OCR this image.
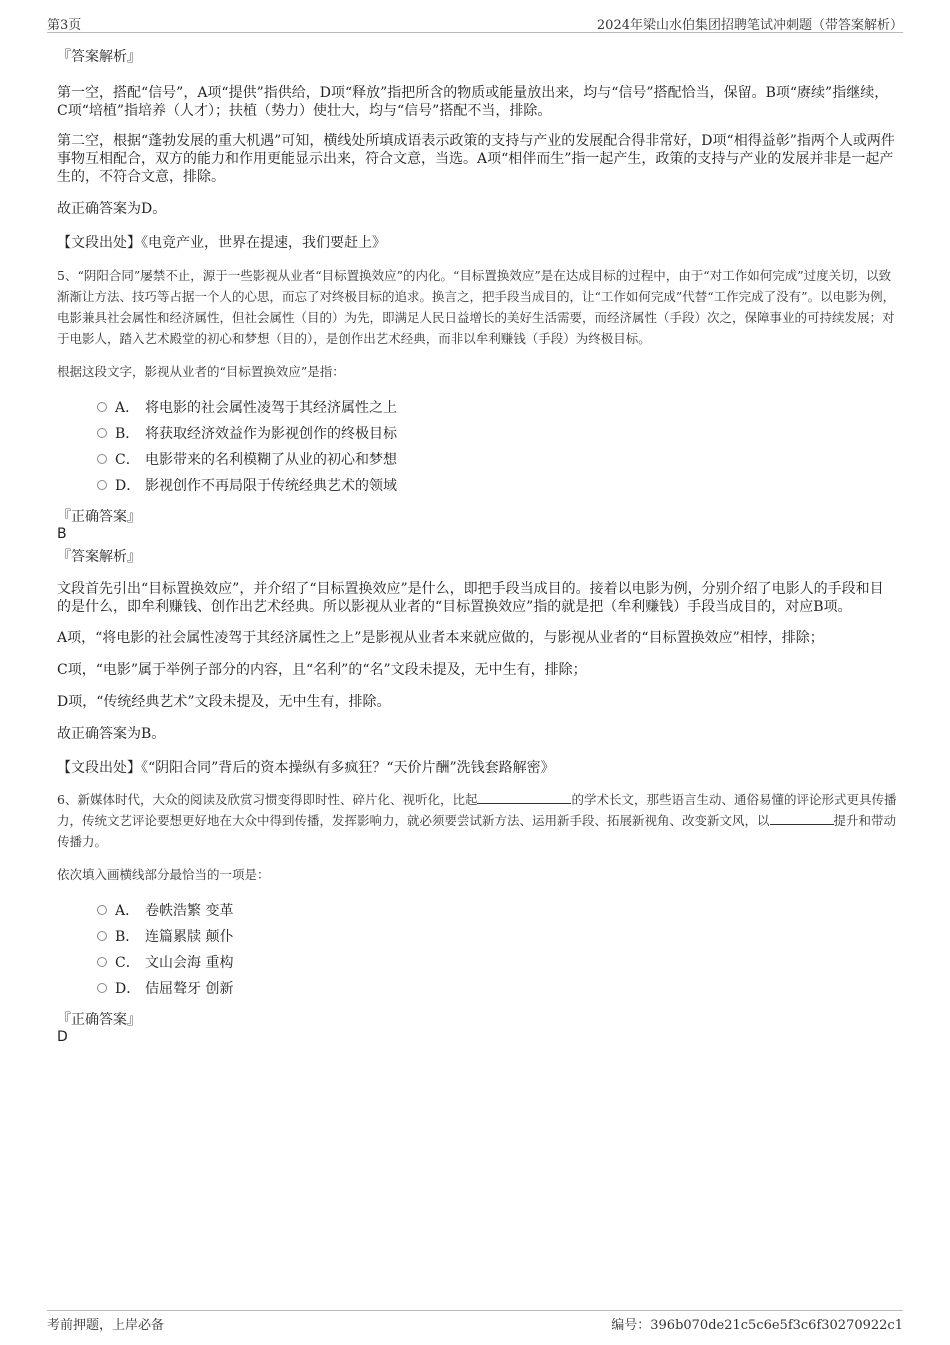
第3页	2024年梁山水伯集团招聘笔试冲刺题（带答案解析）

『答案解析』

第一空，搭配“信号”，A项“提供”指供给，D项“释放”指把所含的物质或能量放出来，均与“信号”搭配恰当，保留。B项“赓续”指继续，C项“培植”指培养（人才）；扶植（势力）使壮大，均与“信号”搭配不当，排除。

第二空，根据“蓬勃发展的重大机遇”可知，横线处所填成语表示政策的支持与产业的发展配合得非常好，D项“相得益彰”指两个人或两件事物互相配合，双方的能力和作用更能显示出来，符合文意，当选。A项“相伴而生”指一起产生，政策的支持与产业的发展并非是一起产生的，不符合文意，排除。

故正确答案为D。

【文段出处】《电竞产业，世界在提速，我们要赶上》

5、“阴阳合同”屡禁不止，源于一些影视从业者“目标置换效应”的内化。“目标置换效应”是在达成目标的过程中，由于“对工作如何完成”过度关切，以致渐渐让方法、技巧等占据一个人的心思，而忘了对终极目标的追求。换言之，把手段当成目的，让“工作如何完成”代替“工作完成了没有”。以电影为例，电影兼具社会属性和经济属性，但社会属性（目的）为先，即满足人民日益增长的美好生活需要，而经济属性（手段）次之，保障事业的可持续发展；对于电影人，踏入艺术殿堂的初心和梦想（目的），是创作出艺术经典，而非以牟利赚钱（手段）为终极目标。

根据这段文字，影视从业者的“目标置换效应”是指：

A． 将电影的社会属性凌驾于其经济属性之上
B． 将获取经济效益作为影视创作的终极目标
C． 电影带来的名利模糊了从业的初心和梦想
D． 影视创作不再局限于传统经典艺术的领域

『正确答案』

B

『答案解析』

文段首先引出“目标置换效应”，并介绍了“目标置换效应”是什么，即把手段当成目的。接着以电影为例，分别介绍了电影人的手段和目的是什么，即牟利赚钱、创作出艺术经典。所以影视从业者的“目标置换效应”指的就是把（牟利赚钱）手段当成目的，对应B项。

A项，“将电影的社会属性凌驾于其经济属性之上”是影视从业者本来就应做的，与影视从业者的“目标置换效应”相悖，排除；

C项，“电影”属于举例子部分的内容，且“名利”的“名”文段未提及，无中生有，排除；

D项，“传统经典艺术”文段未提及，无中生有，排除。

故正确答案为B。

【文段出处】《“阴阳合同”背后的资本操纵有多疯狂？“天价片酬”洗钱套路解密》

6、新媒体时代，大众的阅读及欣赏习惯变得即时性、碎片化、视听化，比起	的学术长文，那些语言生动、通俗易懂的评论形式更具传播力，传统文艺评论要想更好地在大众中得到传播，发挥影响力，就必须要尝试新方法、运用新手段、拓展新视角、改变新文风，以	提升和带动传播力。

依次填入画横线部分最恰当的一项是：

A． 卷帙浩繁 变革
B． 连篇累牍 颠仆
C． 文山会海 重构
D． 佶屈聱牙 创新

『正确答案』

D

考前押题，上岸必备	编号：396b070de21c5c6e5f3c6f30270922c1
